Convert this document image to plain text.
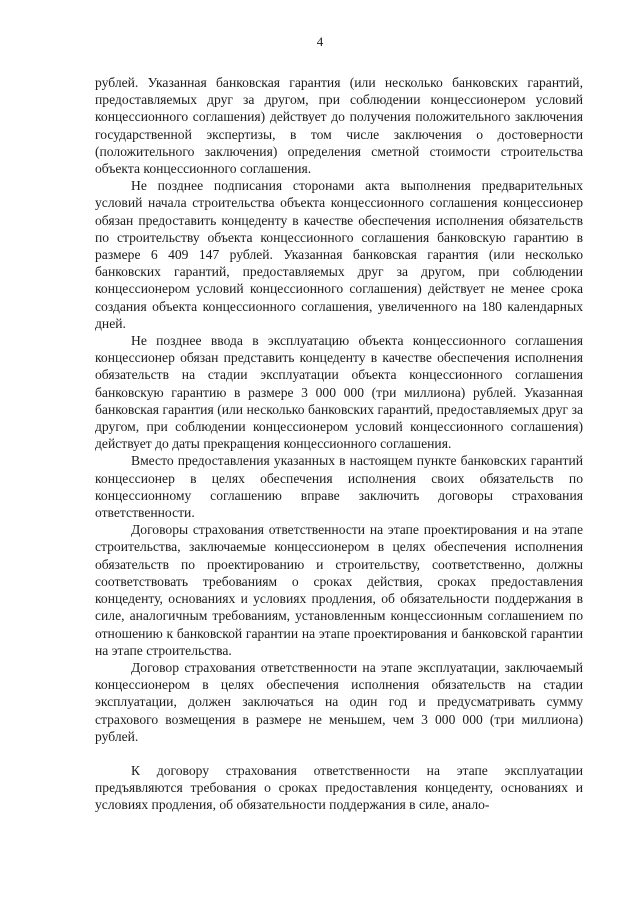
4

рублей. Указанная банковская гарантия (или несколько банковских гарантий, предоставляемых друг за другом, при соблюдении концессионером условий концессионного соглашения) действует до получения положительного заключения государственной экспертизы, в том числе заключения о достоверности (положительного заключения) определения сметной стоимости строительства объекта концессионного соглашения.

Не позднее подписания сторонами акта выполнения предварительных условий начала строительства объекта концессионного соглашения концессионер обязан предоставить концеденту в качестве обеспечения исполнения обязательств по строительству объекта концессионного соглашения банковскую гарантию в размере 6 409 147 рублей. Указанная банковская гарантия (или несколько банковских гарантий, предоставляемых друг за другом, при соблюдении концессионером условий концессионного соглашения) действует не менее срока создания объекта концессионного соглашения, увеличенного на 180 календарных дней.

Не позднее ввода в эксплуатацию объекта концессионного соглашения концессионер обязан представить концеденту в качестве обеспечения исполнения обязательств на стадии эксплуатации объекта концессионного соглашения банковскую гарантию в размере 3 000 000 (три миллиона) рублей. Указанная банковская гарантия (или несколько банковских гарантий, предоставляемых друг за другом, при соблюдении концессионером условий концессионного соглашения) действует до даты прекращения концессионного соглашения.

Вместо предоставления указанных в настоящем пункте банковских гарантий концессионер в целях обеспечения исполнения своих обязательств по концессионному соглашению вправе заключить договоры страхования ответственности.

Договоры страхования ответственности на этапе проектирования и на этапе строительства, заключаемые концессионером в целях обеспечения исполнения обязательств по проектированию и строительству, соответственно, должны соответствовать требованиям о сроках действия, сроках предоставления концеденту, основаниях и условиях продления, об обязательности поддержания в силе, аналогичным требованиям, установленным концессионным соглашением по отношению к банковской гарантии на этапе проектирования и банковской гарантии на этапе строительства.

Договор страхования ответственности на этапе эксплуатации, заключаемый концессионером в целях обеспечения исполнения обязательств на стадии эксплуатации, должен заключаться на один год и предусматривать сумму страхового возмещения в размере не меньшем, чем 3 000 000 (три миллиона) рублей.

К договору страхования ответственности на этапе эксплуатации предъявляются требования о сроках предоставления концеденту, основаниях и условиях продления, об обязательности поддержания в силе, анало-
